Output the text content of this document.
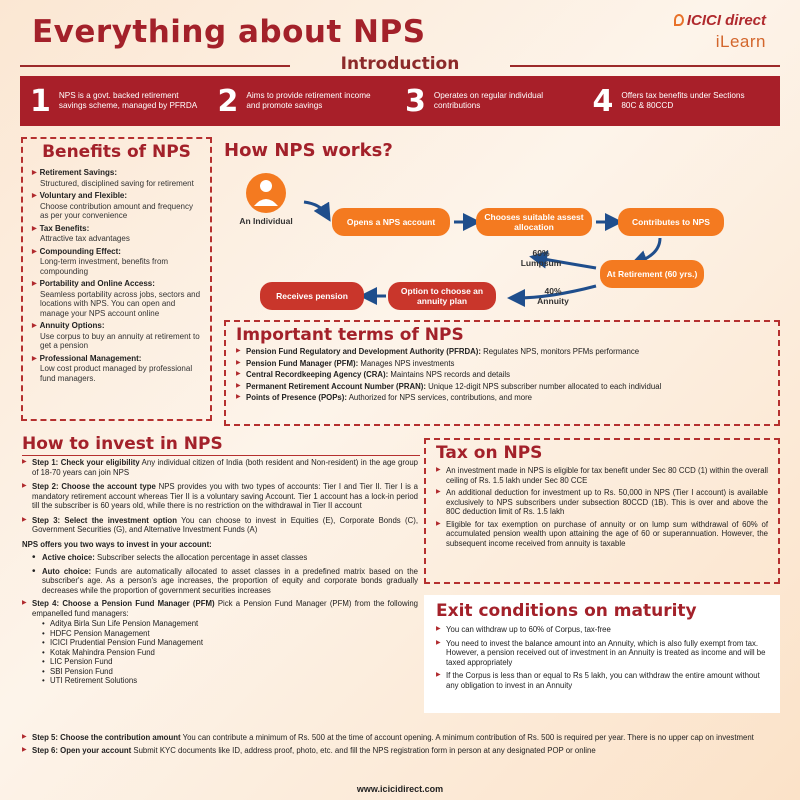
Everything about NPS	ICICI direct
iLearn
Introduction
1 NPS is a govt. backed retirement savings scheme, managed by PFRDA 2 Aims to provide retirement income and promote savings	3 Operates on regular individual contributions	4 Offers tax benefits under Sections 80C & 80CCD
Benefits of NPS
▶ Retirement Savings:
Structured, disciplined saving for retirement
▶ Voluntary and Flexible:
Choose contribution amount and frequency as per your convenience
▶ Tax Benefits:
Attractive tax advantages
▶ Compounding Effect:
Long-term investment, benefits from compounding
▶ Portability and Online Access:
Seamless portability across jobs, sectors and locations with NPS. You can open and manage your NPS account online
▶ Annuity Options:
Use corpus to buy an annuity at retirement to get a pension
▶ Professional Management:
Low cost product managed by professional fund managers.
How NPS works?
An Individual	Opens a NPS account	Chooses suitable assest allocation	Contributes to NPS
At Retirement (60 yrs.)
60% Lumpsum
40% Annuity
Option to choose an annuity plan
Receives pension
Important terms of NPS
▶ Pension Fund Regulatory and Development Authority (PFRDA): Regulates NPS, monitors PFMs performance
▶ Pension Fund Manager (PFM): Manages NPS investments
▶ Central Recordkeeping Agency (CRA): Maintains NPS records and details
▶ Permanent Retirement Account Number (PRAN): Unique 12-digit NPS subscriber number allocated to each individual
▶ Points of Presence (POPs): Authorized for NPS services, contributions, and more
How to invest in NPS
▶ Step 1: Check your eligibility Any individual citizen of India (both resident and Non-resident) in the age group of 18-70 years can join NPS
▶ Step 2: Choose the account type NPS provides you with two types of accounts: Tier I and Tier II. Tier I is a mandatory retirement account whereas Tier II is a voluntary saving Account. Tier 1 account has a lock-in period till the subscriber is 60 years old, while there is no restriction on the withdrawal in Tier II account
▶ Step 3: Select the investment option You can choose to invest in Equities (E), Corporate Bonds (C), Government Securities (G), and Alternative Investment Funds (A)
NPS offers you two ways to invest in your account:
• Active choice: Subscriber selects the allocation percentage in asset classes
• Auto choice: Funds are automatically allocated to asset classes in a predefined matrix based on the subscriber's age. As a person's age increases, the proportion of equity and corporate bonds gradually decreases while the proportion of government securities increases
▶ Step 4: Choose a Pension Fund Manager (PFM) Pick a Pension Fund Manager (PFM) from the following empanelled fund managers:
• Aditya Birla Sun Life Pension Management
• HDFC Pension Management
• ICICI Prudential Pension Fund Management
• Kotak Mahindra Pension Fund
• LIC Pension Fund
• SBI Pension Fund
• UTI Retirement Solutions
Tax on NPS
▶ An investment made in NPS is eligible for tax benefit under Sec 80 CCD (1) within the overall ceiling of Rs. 1.5 lakh under Sec 80 CCE
▶ An additional deduction for investment up to Rs. 50,000 in NPS (Tier I account) is available exclusively to NPS subscribers under subsection 80CCD (1B). This is over and above the 80C deduction limit of Rs. 1.5 lakh
▶ Eligible for tax exemption on purchase of annuity or on lump sum withdrawal of 60% of accumulated pension wealth upon attaining the age of 60 or superannuation. However, the subsequent income received from annuity is taxable
Exit conditions on maturity
▶ You can withdraw up to 60% of Corpus, tax-free
▶ You need to invest the balance amount into an Annuity, which is also fully exempt from tax. However, a pension received out of investment in an Annuity is treated as income and will be taxed appropriately
▶ If the Corpus is less than or equal to Rs 5 lakh, you can withdraw the entire amount without any obligation to invest in an Annuity
▶ Step 5: Choose the contribution amount You can contribute a minimum of Rs. 500 at the time of account opening. A minimum contribution of Rs. 500 is required per year. There is no upper cap on investment
▶ Step 6: Open your account Submit KYC documents like ID, address proof, photo, etc. and fill the NPS registration form in person at any designated POP or online
www.icicidirect.com
